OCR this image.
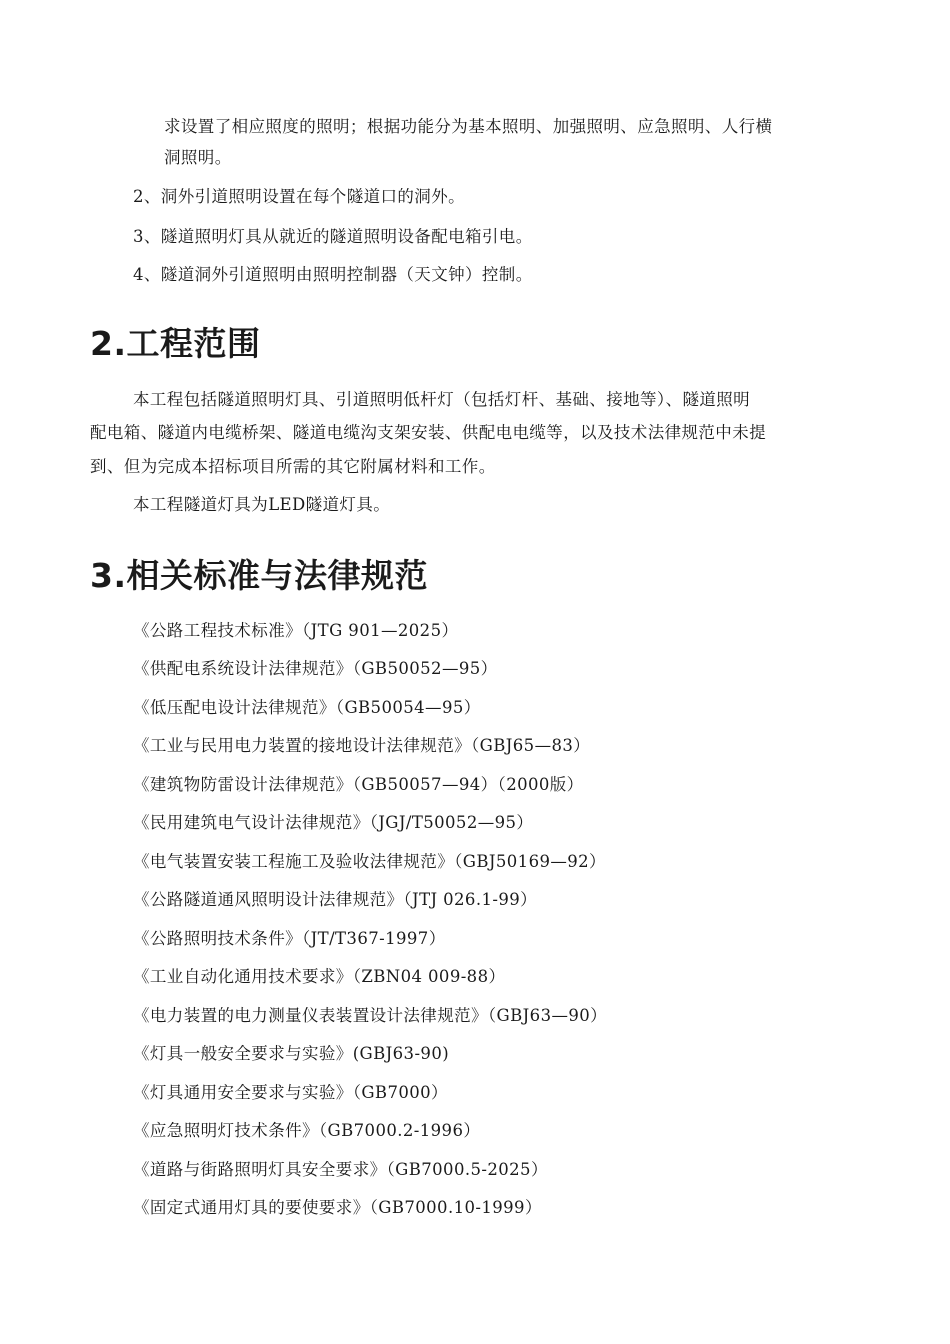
求设置了相应照度的照明；根据功能分为基本照明、加强照明、应急照明、人行横
洞照明。
2、洞外引道照明设置在每个隧道口的洞外。
3、隧道照明灯具从就近的隧道照明设备配电箱引电。
4、隧道洞外引道照明由照明控制器（天文钟）控制。
2.工程范围
本工程包括隧道照明灯具、引道照明低杆灯（包括灯杆、基础、接地等）、隧道照明
配电箱、隧道内电缆桥架、隧道电缆沟支架安装、供配电电缆等，以及技术法律规范中未提
到、但为完成本招标项目所需的其它附属材料和工作。
本工程隧道灯具为LED隧道灯具。
3.相关标准与法律规范
《公路工程技术标准》（JTG 901—2025）
《供配电系统设计法律规范》（GB50052—95）
《低压配电设计法律规范》（GB50054—95）
《工业与民用电力装置的接地设计法律规范》（GBJ65—83）
《建筑物防雷设计法律规范》（GB50057—94）（2000版）
《民用建筑电气设计法律规范》（JGJ/T50052—95）
《电气装置安装工程施工及验收法律规范》（GBJ50169—92）
《公路隧道通风照明设计法律规范》（JTJ 026.1-99）
《公路照明技术条件》（JT/T367-1997）
《工业自动化通用技术要求》（ZBN04 009-88）
《电力装置的电力测量仪表装置设计法律规范》（GBJ63—90）
《灯具一般安全要求与实验》(GBJ63-90)
《灯具通用安全要求与实验》（GB7000）
《应急照明灯技术条件》（GB7000.2-1996）
《道路与街路照明灯具安全要求》（GB7000.5-2025）
《固定式通用灯具的要使要求》（GB7000.10-1999）
